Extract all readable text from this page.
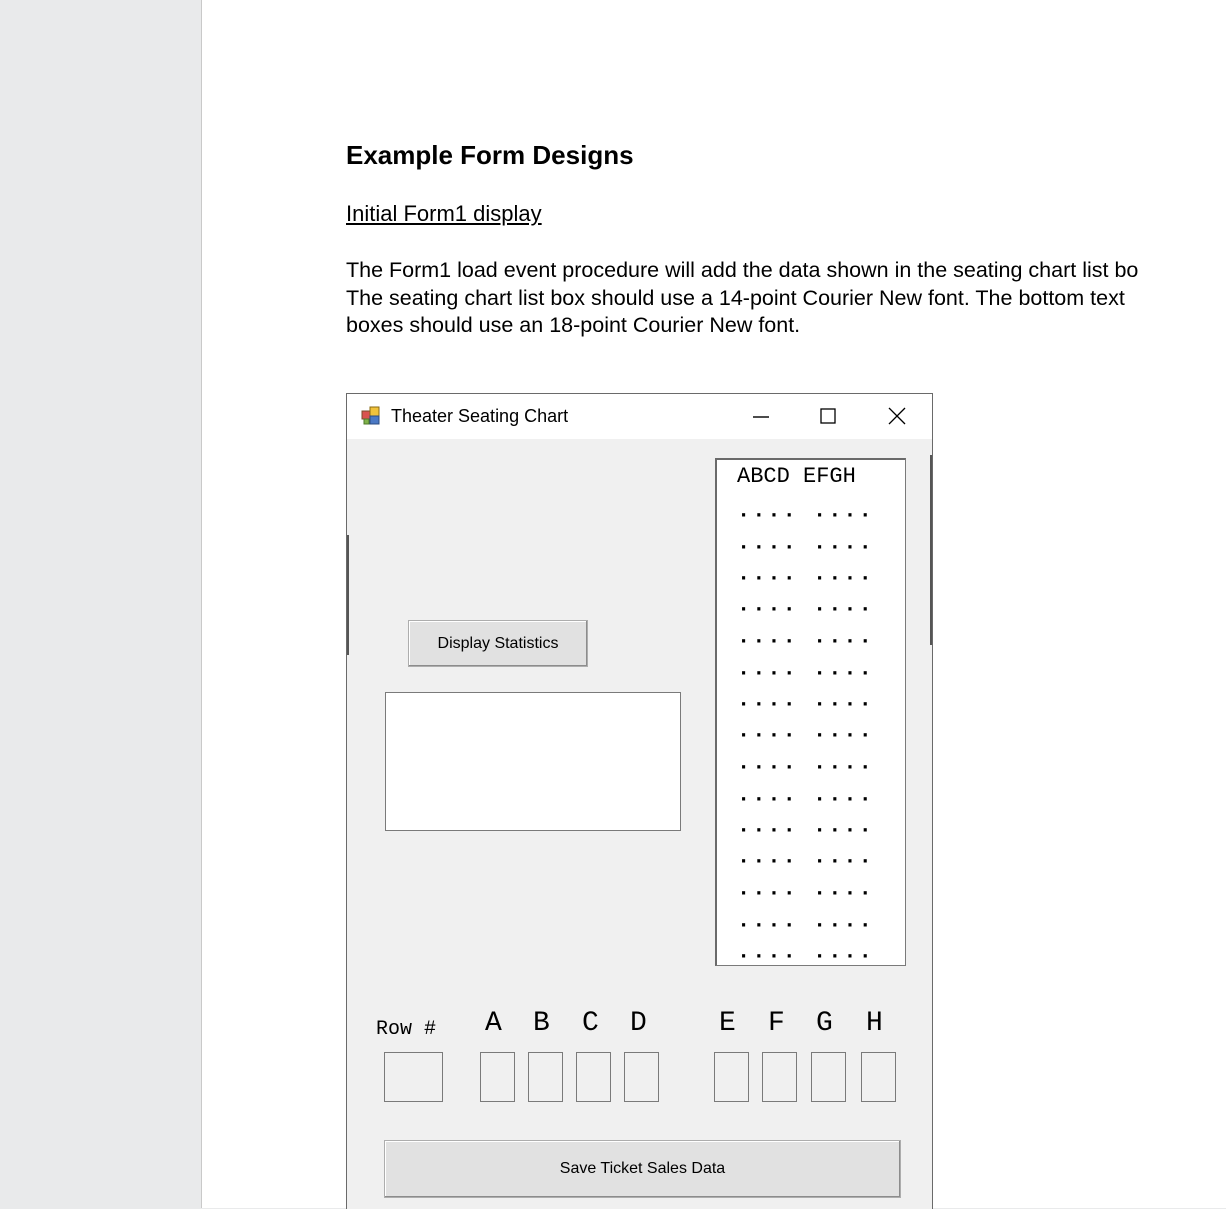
Example Form Designs
Initial Form1 display
The Form1 load event procedure will add the data shown in the seating chart list bo
The seating chart list box should use a 14-point Courier New font. The bottom text
boxes should use an 18-point Courier New font.
Theater Seating Chart
Display Statistics
ABCD EFGH
···· ····
···· ····
···· ····
···· ····
···· ····
···· ····
···· ····
···· ····
···· ····
···· ····
···· ····
···· ····
···· ····
···· ····
···· ····
Row # A B C D	E F G H
Save Ticket Sales Data
